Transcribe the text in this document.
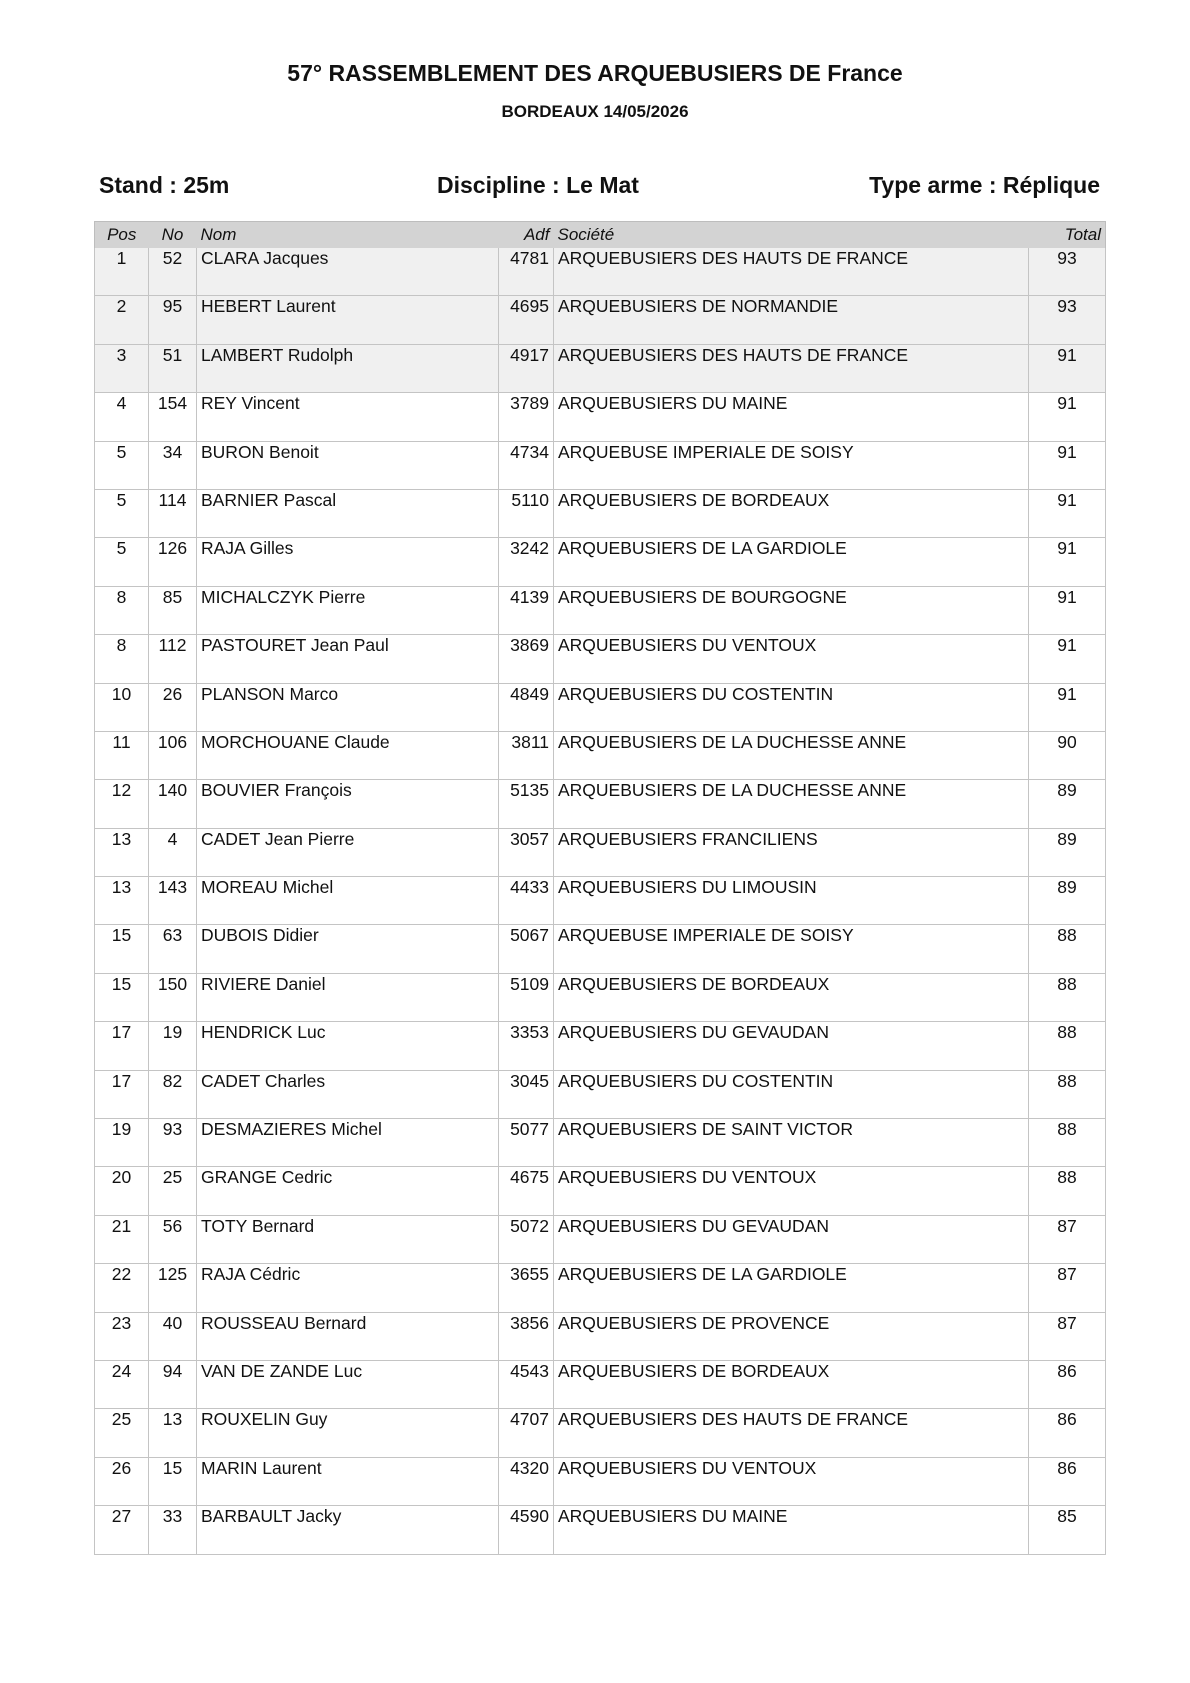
57° RASSEMBLEMENT DES ARQUEBUSIERS DE France
BORDEAUX 14/05/2026
Stand : 25m	Discipline : Le Mat	Type arme : Réplique
Pos	No	Nom	Adf	Société	Total
1	52	CLARA Jacques	4781	ARQUEBUSIERS DES HAUTS DE FRANCE	93
2	95	HEBERT Laurent	4695	ARQUEBUSIERS DE NORMANDIE	93
3	51	LAMBERT Rudolph	4917	ARQUEBUSIERS DES HAUTS DE FRANCE	91
4	154	REY Vincent	3789	ARQUEBUSIERS DU MAINE	91
5	34	BURON Benoit	4734	ARQUEBUSE IMPERIALE DE SOISY	91
5	114	BARNIER Pascal	5110	ARQUEBUSIERS DE BORDEAUX	91
5	126	RAJA Gilles	3242	ARQUEBUSIERS DE LA GARDIOLE	91
8	85	MICHALCZYK Pierre	4139	ARQUEBUSIERS DE BOURGOGNE	91
8	112	PASTOURET Jean Paul	3869	ARQUEBUSIERS DU VENTOUX	91
10	26	PLANSON Marco	4849	ARQUEBUSIERS DU COSTENTIN	91
11	106	MORCHOUANE Claude	3811	ARQUEBUSIERS DE LA DUCHESSE ANNE	90
12	140	BOUVIER François	5135	ARQUEBUSIERS DE LA DUCHESSE ANNE	89
13	4	CADET Jean Pierre	3057	ARQUEBUSIERS FRANCILIENS	89
13	143	MOREAU Michel	4433	ARQUEBUSIERS DU LIMOUSIN	89
15	63	DUBOIS Didier	5067	ARQUEBUSE IMPERIALE DE SOISY	88
15	150	RIVIERE Daniel	5109	ARQUEBUSIERS DE BORDEAUX	88
17	19	HENDRICK Luc	3353	ARQUEBUSIERS DU GEVAUDAN	88
17	82	CADET Charles	3045	ARQUEBUSIERS DU COSTENTIN	88
19	93	DESMAZIERES Michel	5077	ARQUEBUSIERS DE SAINT VICTOR	88
20	25	GRANGE Cedric	4675	ARQUEBUSIERS DU VENTOUX	88
21	56	TOTY Bernard	5072	ARQUEBUSIERS DU GEVAUDAN	87
22	125	RAJA Cédric	3655	ARQUEBUSIERS DE LA GARDIOLE	87
23	40	ROUSSEAU Bernard	3856	ARQUEBUSIERS DE PROVENCE	87
24	94	VAN DE ZANDE Luc	4543	ARQUEBUSIERS DE BORDEAUX	86
25	13	ROUXELIN Guy	4707	ARQUEBUSIERS DES HAUTS DE FRANCE	86
26	15	MARIN Laurent	4320	ARQUEBUSIERS DU VENTOUX	86
27	33	BARBAULT Jacky	4590	ARQUEBUSIERS DU MAINE	85
